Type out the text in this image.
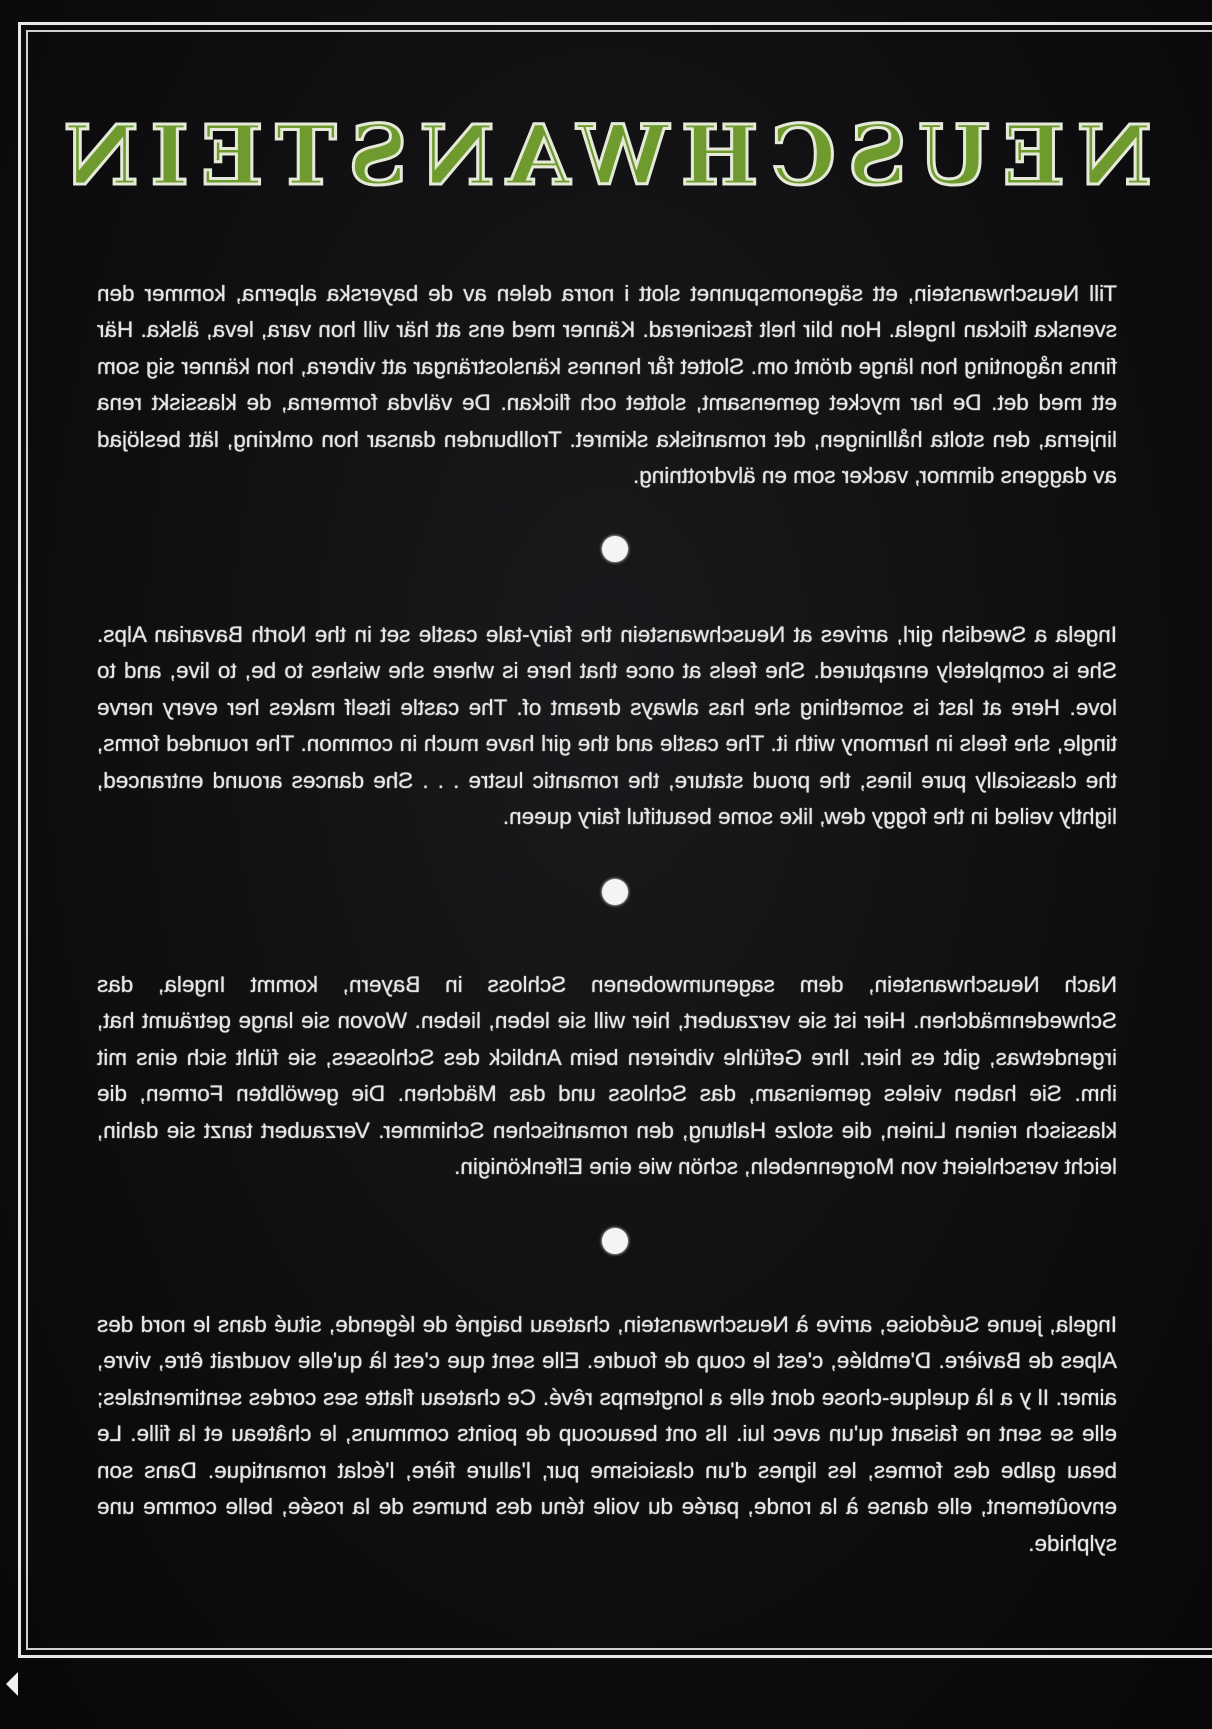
NEUSCHWANSTEIN

Till Neuschwanstein, ett sägenomspunnet slott i norra delen av de bayerska alperna, kommer den svenska flickan Ingela. Hon blir helt fascinerad. Känner med ens att här vill hon vara, leva, älska. Här finns någonting hon länge drömt om. Slottet får hennes känslosträngar att vibrera, hon känner sig som ett med det. De har mycket gemensamt, slottet och flickan. De välvda formerna, de klassiskt rena linjerna, den stolta hållningen, det romantiska skimret. Trollbunden dansar hon omkring, lätt beslöjad av daggens dimmor, vacker som en älvdrottning.

Ingela a Swedish girl, arrives at Neuschwanstein the fairy-tale castle set in the North Bavarian Alps. She is completely enraptured. She feels at once that here is where she wishes to be, to live, and to love. Here at last is something she has always dreamt of. The castle itself makes her every nerve tingle, she feels in harmony with it. The castle and the girl have much in common. The rounded forms, the classically pure lines, the proud stature, the romantic lustre . . . She dances around entranced, lightly veiled in the foggy dew, like some beautiful fairy queen.

Nach Neuschwanstein, dem sagenumwobenen Schloss in Bayern, kommt Ingela, das Schwedenmädchen. Hier ist sie verzaubert, hier will sie leben, lieben. Wovon sie lange geträumt hat, irgendetwas, gibt es hier. Ihre Gefühle vibrieren beim Anblick des Schlosses, sie fühlt sich eins mit ihm. Sie haben vieles gemeinsam, das Schloss und das Mädchen. Die gewölbten Formen, die klassisch reinen Linien, die stolze Haltung, den romantischen Schimmer. Verzaubert tanzt sie dahin, leicht verschleiert von Morgennebeln, schön wie eine Elfenkönigin.

Ingela, jeune Suédoise, arrive à Neuschwanstein, chateau baigné de légende, situé dans le nord des Alpes de Bavière. D'emblée, c'est le coup de foudre. Elle sent que c'est là qu'elle voudrait être, vivre, aimer. Il y a là quelque-chose dont elle a longtemps rêvé. Ce chateau flatte ses cordes sentimentales; elle se sent ne faisant qu'un avec lui. Ils ont beaucoup de points communs, le château et la fille. Le beau galbe des formes, les lignes d'un clasicisme pur, l'allure fière, l'éclat romantique. Dans son envoûtement, elle danse à la ronde, parée du voile ténu des brumes de la rosée, belle comme une sylphide.
